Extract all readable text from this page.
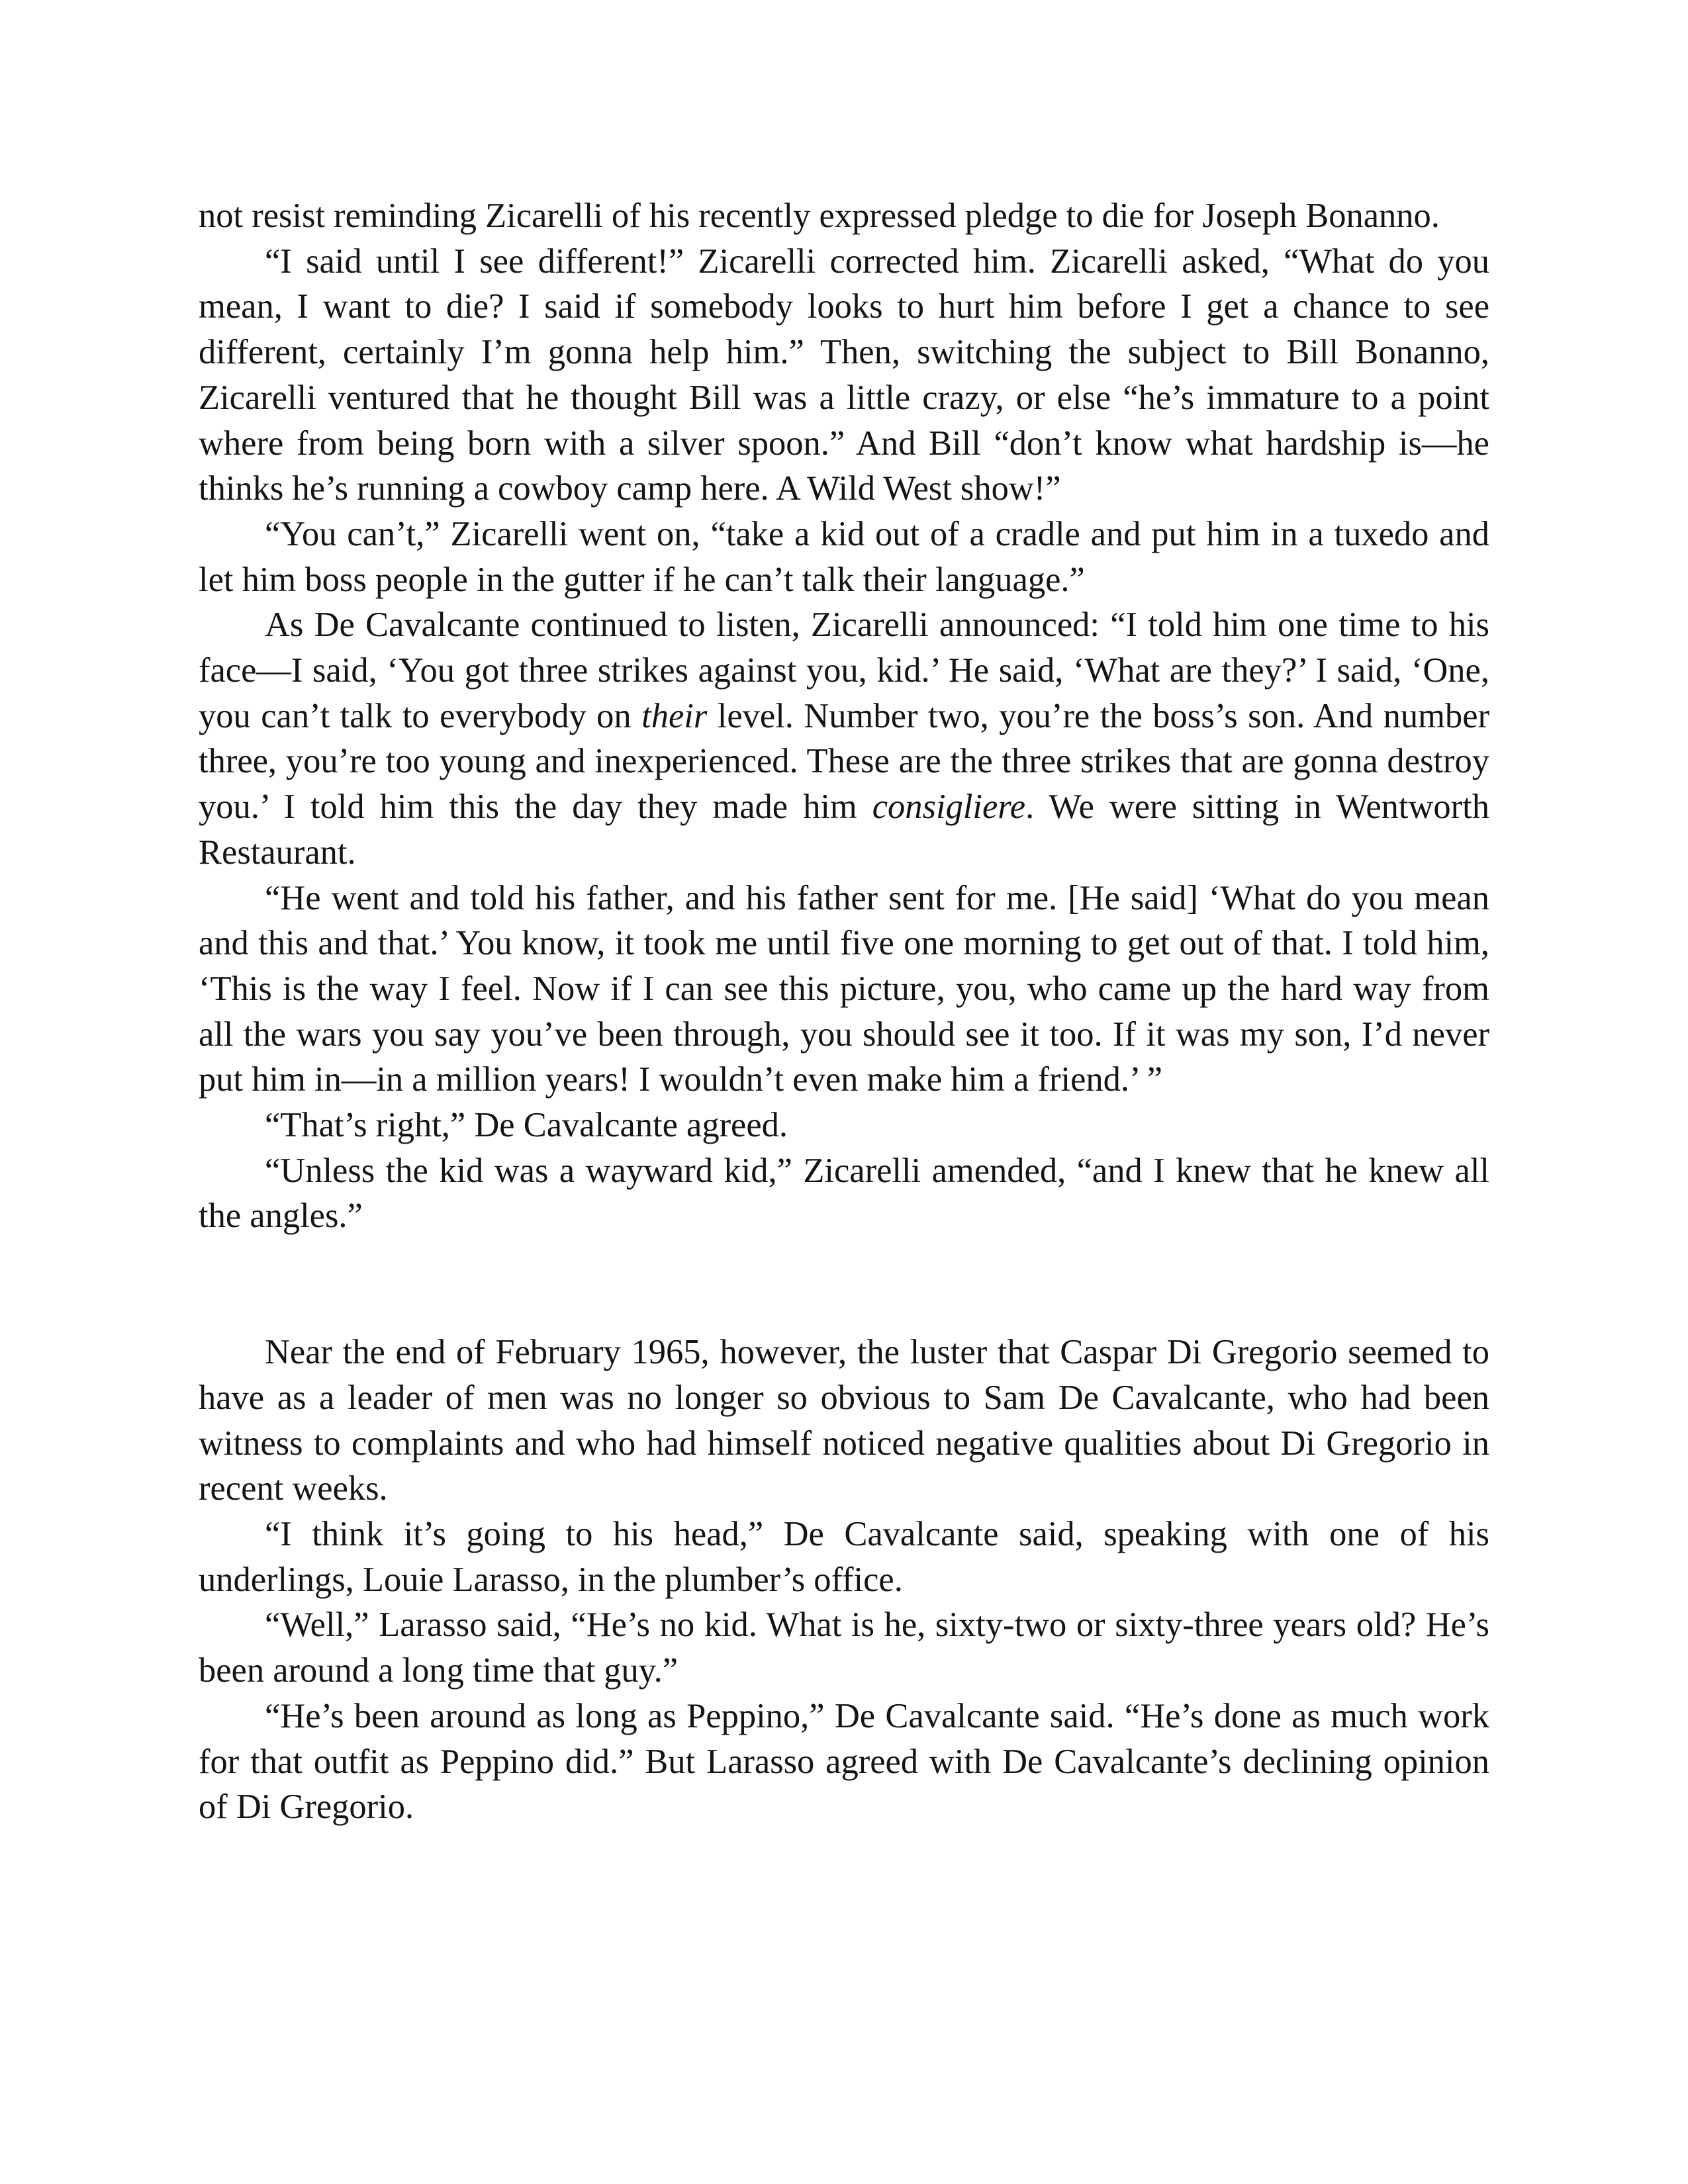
not resist reminding Zicarelli of his recently expressed pledge to die for Joseph Bonanno.

“I said until I see different!” Zicarelli corrected him. Zicarelli asked, “What do you mean, I want to die? I said if somebody looks to hurt him before I get a chance to see different, certainly I’m gonna help him.” Then, switching the subject to Bill Bonanno, Zicarelli ventured that he thought Bill was a little crazy, or else “he’s immature to a point where from being born with a silver spoon.” And Bill “don’t know what hardship is—he thinks he’s running a cowboy camp here. A Wild West show!”

“You can’t,” Zicarelli went on, “take a kid out of a cradle and put him in a tuxedo and let him boss people in the gutter if he can’t talk their language.”

As De Cavalcante continued to listen, Zicarelli announced: “I told him one time to his face—I said, ‘You got three strikes against you, kid.’ He said, ‘What are they?’ I said, ‘One, you can’t talk to everybody on their level. Number two, you’re the boss’s son. And number three, you’re too young and inexperienced. These are the three strikes that are gonna destroy you.’ I told him this the day they made him consigliere. We were sitting in Wentworth Restaurant.

“He went and told his father, and his father sent for me. [He said] ‘What do you mean and this and that.’ You know, it took me until five one morning to get out of that. I told him, ‘This is the way I feel. Now if I can see this picture, you, who came up the hard way from all the wars you say you’ve been through, you should see it too. If it was my son, I’d never put him in—in a million years! I wouldn’t even make him a friend.’ ”

“That’s right,” De Cavalcante agreed.

“Unless the kid was a wayward kid,” Zicarelli amended, “and I knew that he knew all the angles.”

Near the end of February 1965, however, the luster that Caspar Di Gregorio seemed to have as a leader of men was no longer so obvious to Sam De Cavalcante, who had been witness to complaints and who had himself noticed negative qualities about Di Gregorio in recent weeks.

“I think it’s going to his head,” De Cavalcante said, speaking with one of his underlings, Louie Larasso, in the plumber’s office.

“Well,” Larasso said, “He’s no kid. What is he, sixty-two or sixty-three years old? He’s been around a long time that guy.”

“He’s been around as long as Peppino,” De Cavalcante said. “He’s done as much work for that outfit as Peppino did.” But Larasso agreed with De Cavalcante’s declining opinion of Di Gregorio.
